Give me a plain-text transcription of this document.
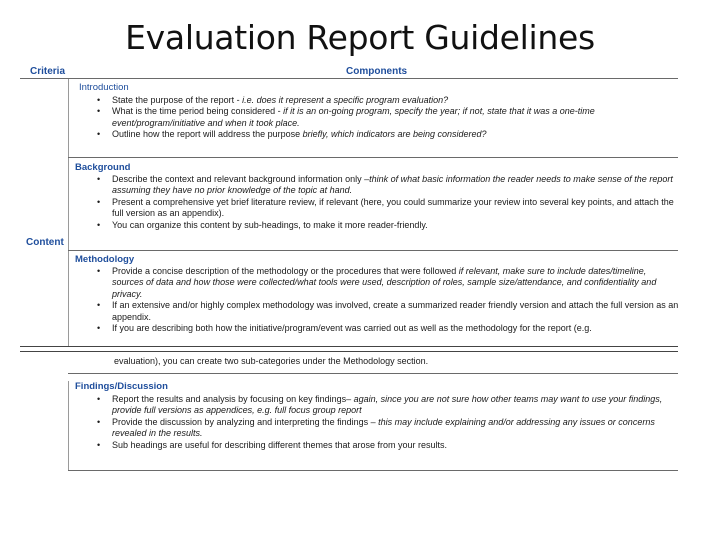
Evaluation Report Guidelines
Criteria	Components
Content
Introduction
• State the purpose of the report - i.e. does it represent a specific program evaluation?
• What is the time period being considered - if it is an on-going program, specify the year; if not, state that it was a one-time event/program/initiative and when it took place.
• Outline how the report will address the purpose briefly, which indicators are being considered?
Background
• Describe the context and relevant background information only –think of what basic information the reader needs to make sense of the report assuming they have no prior knowledge of the topic at hand.
• Present a comprehensive yet brief literature review, if relevant (here, you could summarize your review into several key points, and attach the full version as an appendix).
• You can organize this content by sub-headings, to make it more reader-friendly.
Methodology
• Provide a concise description of the methodology or the procedures that were followed if relevant, make sure to include dates/timeline, sources of data and how those were collected/what tools were used, description of roles, sample size/attendance, and confidentiality and privacy.
• If an extensive and/or highly complex methodology was involved, create a summarized reader friendly version and attach the full version as an appendix.
• If you are describing both how the initiative/program/event was carried out as well as the methodology for the report (e.g.
evaluation), you can create two sub-categories under the Methodology section.
Findings/Discussion
• Report the results and analysis by focusing on key findings– again, since you are not sure how other teams may want to use your findings, provide full versions as appendices, e.g. full focus group report
• Provide the discussion by analyzing and interpreting the findings – this may include explaining and/or addressing any issues or concerns revealed in the results.
• Sub headings are useful for describing different themes that arose from your results.
